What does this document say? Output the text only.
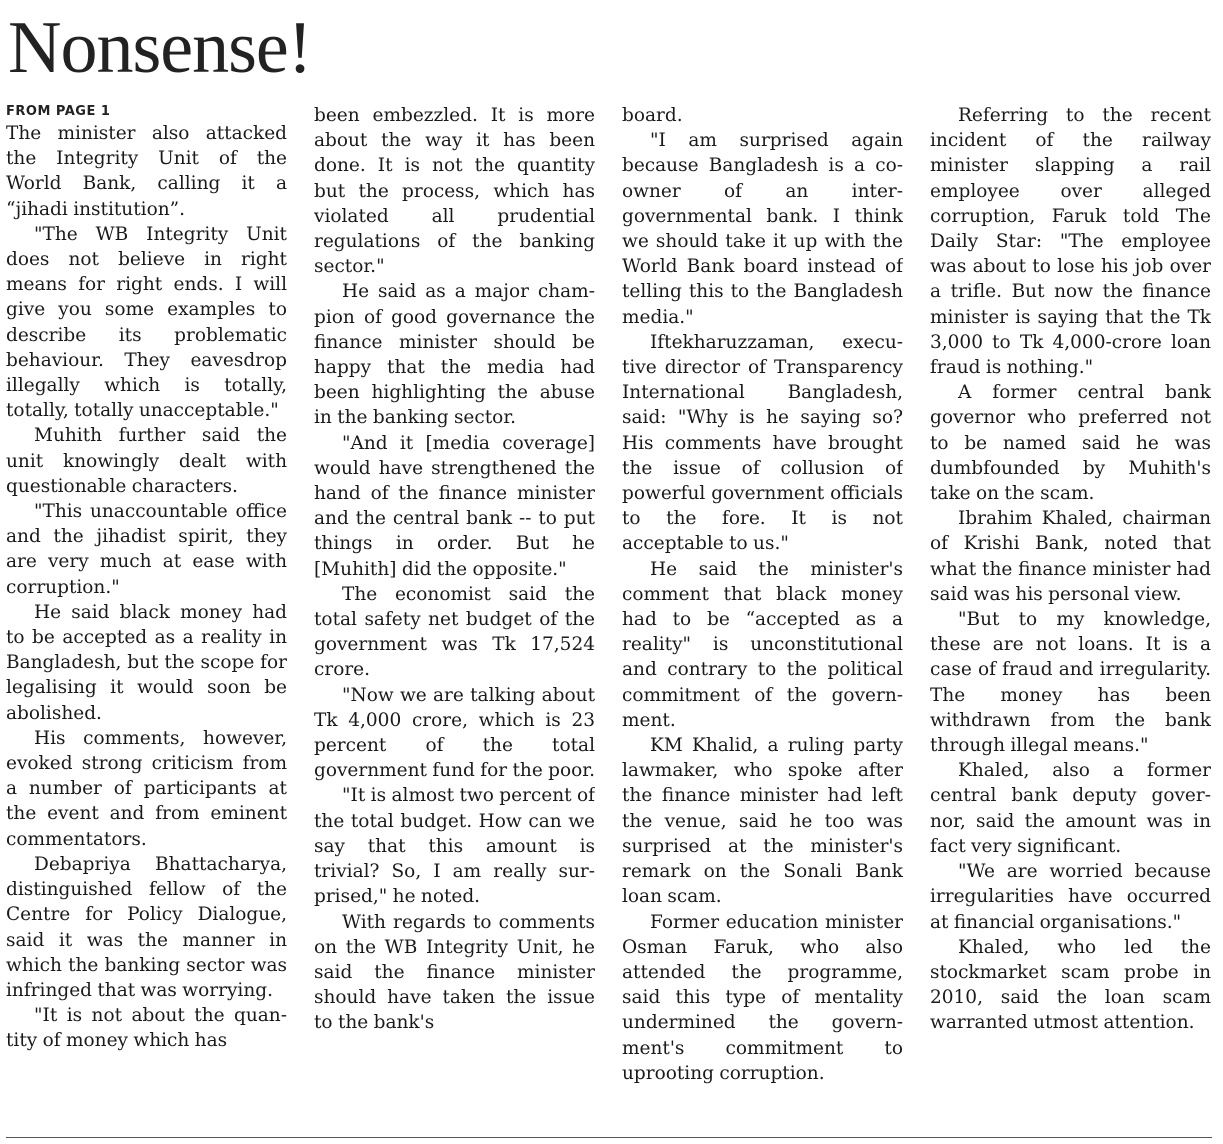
Nonsense!
FROM PAGE 1

The minister also attacked the Integrity Unit of the World Bank, calling it a “jihadi institution”.

"The WB Integrity Unit does not believe in right means for right ends. I will give you some examples to describe its problematic behaviour. They eavesdrop illegally which is totally, totally, totally unacceptable."

Muhith further said the unit knowingly dealt with questionable characters.

"This unaccountable office and the jihadist spirit, they are very much at ease with corruption."

He said black money had to be accepted as a reality in Bangladesh, but the scope for legalising it would soon be abolished.

His comments, however, evoked strong criticism from a number of participants at the event and from eminent commentators.

Debapriya Bhattacharya, distinguished fellow of the Centre for Policy Dialogue, said it was the manner in which the banking sector was infringed that was worrying.

"It is not about the quantity of money which has

been embezzled. It is more about the way it has been done. It is not the quantity but the process, which has violated all prudential regulations of the banking sector."

He said as a major champion of good governance the finance minister should be happy that the media had been highlighting the abuse in the banking sector.

"And it [media coverage] would have strengthened the hand of the finance minister and the central bank -- to put things in order. But he [Muhith] did the opposite."

The economist said the total safety net budget of the government was Tk 17,524 crore.

"Now we are talking about Tk 4,000 crore, which is 23 percent of the total government fund for the poor.

"It is almost two percent of the total budget. How can we say that this amount is trivial? So, I am really surprised," he noted.

With regards to comments on the WB Integrity Unit, he said the finance minister should have taken the issue to the bank's

board.

"I am surprised again because Bangladesh is a coowner of an intergovernmental bank. I think we should take it up with the World Bank board instead of telling this to the Bangladesh media."

Iftekharuzzaman, executive director of Transparency International Bangladesh, said: "Why is he saying so? His comments have brought the issue of collusion of powerful government officials to the fore. It is not acceptable to us."

He said the minister's comment that black money had to be “accepted as a reality" is unconstitutional and contrary to the political commitment of the government.

KM Khalid, a ruling party lawmaker, who spoke after the finance minister had left the venue, said he too was surprised at the minister's remark on the Sonali Bank loan scam.

Former education minister Osman Faruk, who also attended the programme, said this type of mentality undermined the government's commitment to uprooting corruption.

Referring to the recent incident of the railway minister slapping a rail employee over alleged corruption, Faruk told The Daily Star: "The employee was about to lose his job over a trifle. But now the finance minister is saying that the Tk 3,000 to Tk 4,000-crore loan fraud is nothing."

A former central bank governor who preferred not to be named said he was dumbfounded by Muhith's take on the scam.

Ibrahim Khaled, chairman of Krishi Bank, noted that what the finance minister had said was his personal view.

"But to my knowledge, these are not loans. It is a case of fraud and irregularity. The money has been withdrawn from the bank through illegal means."

Khaled, also a former central bank deputy governor, said the amount was in fact very significant.

"We are worried because irregularities have occurred at financial organisations."

Khaled, who led the stockmarket scam probe in 2010, said the loan scam warranted utmost attention.
